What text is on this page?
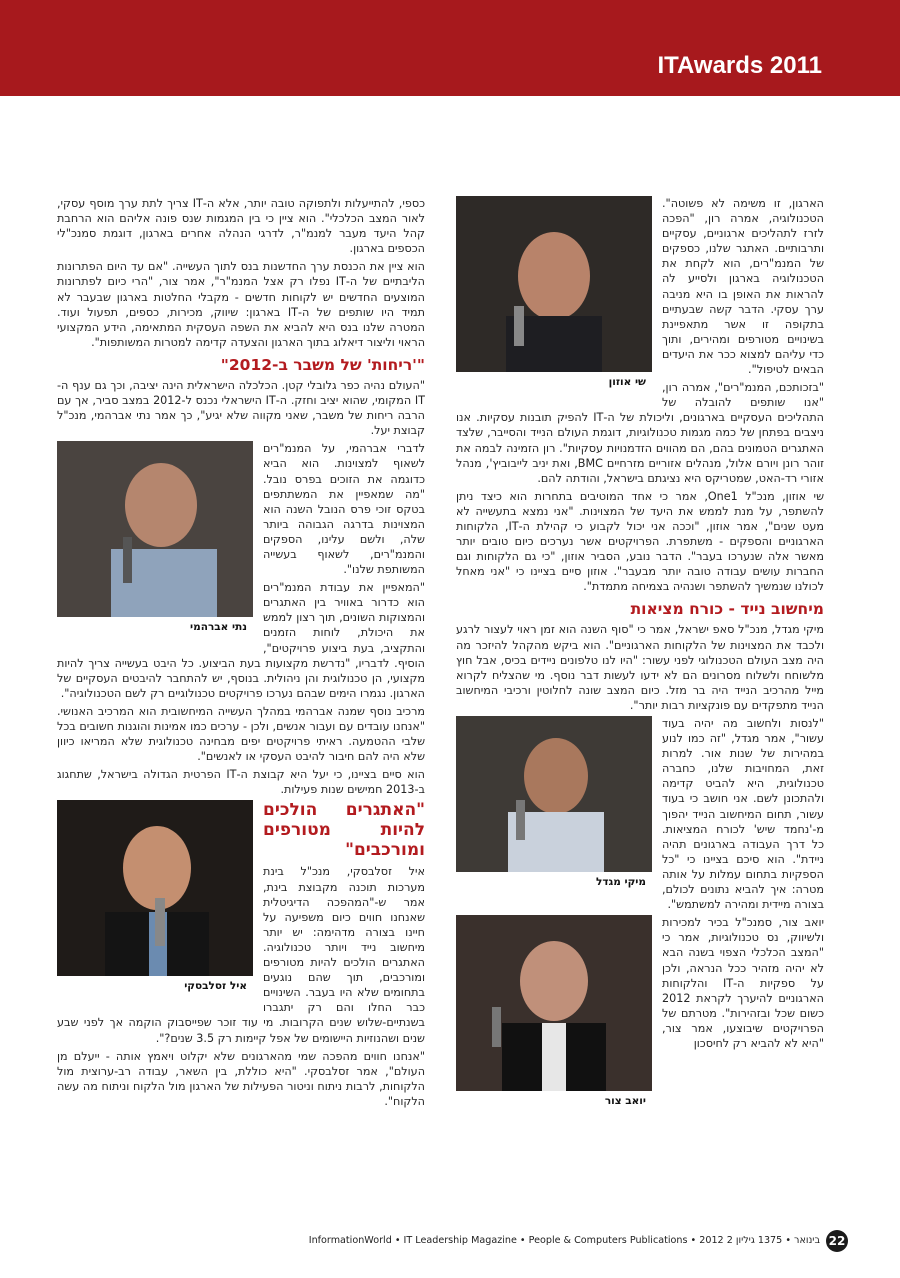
ITAwards 2011
שי אוזון

הארגון, זו משימה לא פשוטה". הטכנולוגיה, אמרה רון, "הפכה לזרז לתהליכים ארגוניים, עסקיים ותרבותיים. האתגר שלנו, כספקים של המנמ"רים, הוא לקחת את הטכנולוגיה בארגון ולסייע לה להראות את האופן בו היא מניבה ערך עסקי. הדבר קשה שבעתיים בתקופה זו אשר מתאפיינת בשינויים מטורפים ומהירים, ותוך כדי עליהם למצוא ככר את היעדים הבאים לטיפול".

"בזכותכם, המנמ"רים", אמרה רון, "אנו שותפים להובלה של התהליכים העסקיים בארגונים, וליכולת של ה-IT להפיק תובנות עסקיות. אנו ניצבים בפתחן של כמה מגמות טכנולוגיות, דוגמת העולם הנייד והסייבר, שלצד האתגרים הטמונים בהם, הם מהווים הזדמנויות עסקיות". רון הזמינה לבמה את זוהר רונן ויורם אלול, מנהלים אזוריים מזרחיים BMC, ואת יניב לייבוביץ', מנהל אזורי רד-האט, שמטריקס היא נציגתם בישראל, והודתה להם.

שי אוזון, מנכ"ל One1, אמר כי אחד המוטיבים בתחרות הוא כיצד ניתן להשתפר, על מנת לממש את היעד של המצוינות. "אני נמצא בתעשייה לא מעט שנים", אמר אוזון, "וככה אני יכול לקבוע כי קהילת ה-IT, הלקוחות הארגוניים והספקים - משתפרת. הפרויקטים אשר נערכים כיום טובים יותר מאשר אלה שנערכו בעבר". הדבר נובע, הסביר אוזון, "כי גם הלקוחות וגם החברות עושים עבודה טובה יותר מבעבר". אוזון סיים בציינו כי "אני מאחל לכולנו שנמשיך להשתפר ושנהיה בצמיחה מתמדת".

מיחשוב נייד - כורח מציאות

מיקי מגדל, מנכ"ל סאפ ישראל, אמר כי "סוף השנה הוא זמן ראוי לעצור לרגע ולכבד את המצוינות של הלקוחות הארגוניים". הוא ביקש מהקהל להיזכר מה היה מצב העולם הטכנולוגי לפני עשור: "היו לנו טלפונים ניידים בכיס, אבל חוץ מלשוחח ולשלוח מסרונים הם לא ידעו לעשות דבר נוסף. מי שהצליח לקרוא מייל מהרכיב הנייד היה בר מזל. כיום המצב שונה לחלוטין ורכיבי המיחשוב הנייד מתפקדים עם פונקציות רבות יותר".

מיקי מגדל

"לנסות ולחשוב מה יהיה בעוד עשור", אמר מגדל, "זה כמו לנוע במהירות של שנות אור. למרות זאת, המחויבות שלנו, כחברה טכנולוגית, היא להביט קדימה ולהתכונן לשם. אני חושב כי בעוד עשור, תחום המיחשוב הנייד יהפוך מ-'נחמד שיש' לכורח המציאות. כל דרך העבודה בארגונים תהיה ניידת". הוא סיכם בציינו כי "כל הספקיות בתחום עמלות על אותה מטרה: איך להביא נתונים לכולם, בצורה מיידית ומהירה למשתמש".

יואב צור

יואב צור, סמנכ"ל בכיר למכירות ולשיווק, נס טכנולוגיות, אמר כי "המצב הכלכלי הצפוי בשנה הבא לא יהיה מזהיר ככל הנראה, ולכן על ספקיות ה-IT והלקוחות הארגוניים להיערך לקראת 2012 כשום שכל ובזהירות". מטרתם של הפרויקטים שיבוצעו, אמר צור, "היא לא להביא רק לחיסכון

כספי, להתייעלות ולתפוקה טובה יותר, אלא ה-IT צריך לתת ערך מוסף עסקי, לאור המצב הכלכלי". הוא ציין כי בין המגמות שנס פונה אליהם הוא הרחבת קהל היעד מעבר למנמ"ר, לדרגי הנהלה אחרים בארגון, דוגמת סמנכ"לי הכספים בארגון.

הוא ציין את הכנסת ערך החדשנות בנס לתוך העשייה. "אם עד היום הפתרונות הליבתיים של ה-IT נפלו רק אצל המנמ"ר", אמר צור, "הרי כיום לפתרונות המוצעים החדשים יש לקוחות חדשים - מקבלי החלטות בארגון שבעבר לא תמיד היו שותפים של ה-IT בארגון: שיווק, מכירות, כספים, תפעול ועוד. המטרה שלנו בנס היא להביא את השפה העסקית המתאימה, הידע המקצועי הראוי וליצור דיאלוג בתוך הארגון והצעדה קדימה למטרות המשותפות".

"'ריחות' של משבר ב-2012"

"העולם נהיה כפר גלובלי קטן. הכלכלה הישראלית הינה יציבה, וכך גם ענף ה-IT המקומי, שהוא יציב וחזק. ה-IT הישראלי נכנס ל-2012 במצב סביר, אך עם הרבה ריחות של משבר, שאני מקווה שלא יגיע", כך אמר נתי אברהמי, מנכ"ל קבוצת יעל.

נתי אברהמי

לדברי אברהמי, על המנמ"רים לשאוף למצוינות. הוא הביא כדוגמה את הזוכים בפרס נובל. "מה שמאפיין את המשתתפים בטקס זוכי פרס הנובל השנה הוא המצוינות בדרגה הגבוהה ביותר שלה, ולשם עלינו, הספקים והמנמ"רים, לשאוף בעשייה המשותפת שלנו".

"המאפיין את עבודת המנמ"רים הוא כדרור באוויר בין האתגרים והמצוקות השונים, תוך רצון לממש את היכולת, לוחות הזמנים והתקציב, בעת ביצוע פרויקטים", הוסיף. לדבריו, "נדרשת מקצועות בעת הביצוע. כל היבט בעשייה צריך להיות מקצועי, הן טכנולוגית והן ניהולית. בנוסף, יש להתחבר להיבטים העסקיים של הארגון. נגמרו הימים שבהם נערכו פרויקטים טכנולוגיים רק לשם הטכנולוגיה".

מרכיב נוסף שמנה אברהמי במהלך העשייה המיחשובית הוא המרכיב האנושי. "אנחנו עובדים עם ועבור אנשים, ולכן - ערכים כמו אמינות והוגנות חשובים בכל שלבי ההטמעה. ראיתי פרויקטים יפים מבחינה טכנולוגית שלא המריאו כיוון שלא היה להם חיבור להיבט העסקי או לאנשים".

הוא סיים בציינו, כי יעל היא קבוצת ה-IT הפרטית הגדולה בישראל, שתחגוג ב-2013 חמישים שנות פעילות.

איל זסלבסקי
"האתגרים הולכים להיות מטורפים ומורכבים"

איל זסלבסקי, מנכ"ל בינת מערכות תוכנה מקבוצת בינת, אמר ש-"המהפכה הדיגיטלית שאנחנו חווים כיום משפיעה על חיינו בצורה מדהימה: יש יותר מיחשוב נייד ויותר טכנולוגיה. האתגרים הולכים להיות מטורפים ומורכבים, תוך שהם נוגעים בתחומים שלא היו בעבר. השינויים כבר החלו והם רק יתגברו בשנתיים-שלוש שנים הקרובות. מי עוד זוכר שפייסבוק הוקמה אך לפני שבע שנים ושהנוזיות היישומים של אפל קיימות רק 3.5 שנים?".

"אנחנו חווים מהפכה שמי מהארגונים שלא יקלוט ויאמץ אותה - ייעלם מן העולם", אמר זסלבסקי. "היא כוללת, בין השאר, עבודה רב-ערוצית מול הלקוחות, לרבות ניתוח וניטור הפעילות של הארגון מול הלקוח וניתוח מה עשה הלקוח".

22
InformationWorld • IT Leadership Magazine • People & Computers Publications • 2012 2 בינואר • 1375 גיליון
